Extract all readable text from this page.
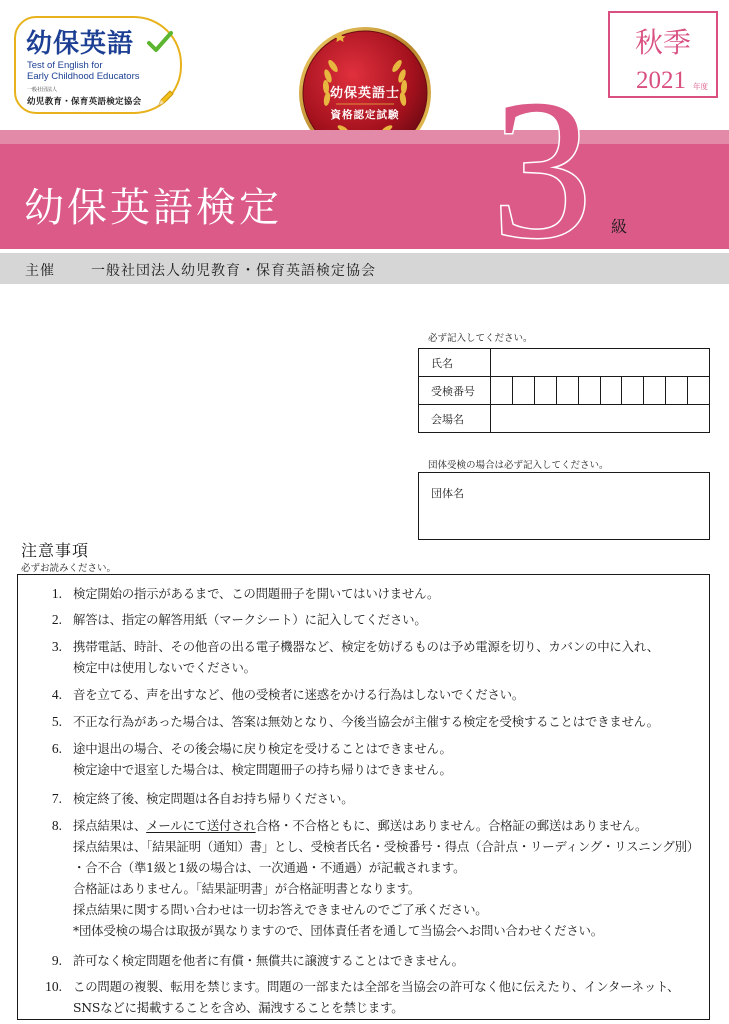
幼保英語
Test of English for
Early Childhood Educators
一般社団法人
幼児教育・保育英語検定協会
幼保英語士
資格認定試験
秋季
2021 年度
幼保英語検定 3 級
主催	一般社団法人幼児教育・保育英語検定協会
必ず記入してください。
氏名	
受検番号	

会場名	
団体受検の場合は必ず記入してください。
団体名
注意事項
必ずお読みください。
1. 検定開始の指示があるまで、この問題冊子を開いてはいけません。
2. 解答は、指定の解答用紙（マークシート）に記入してください。
3. 携帯電話、時計、その他音の出る電子機器など、検定を妨げるものは予め電源を切り、カバンの中に入れ、
検定中は使用しないでください。
4. 音を立てる、声を出すなど、他の受検者に迷惑をかける行為はしないでください。
5. 不正な行為があった場合は、答案は無効となり、今後当協会が主催する検定を受検することはできません。
6. 途中退出の場合、その後会場に戻り検定を受けることはできません。
検定途中で退室した場合は、検定問題冊子の持ち帰りはできません。
7. 検定終了後、検定問題は各自お持ち帰りください。
8. 採点結果は、メールにて送付され合格・不合格ともに、郵送はありません。合格証の郵送はありません。
採点結果は、「結果証明（通知）書」とし、受検者氏名・受検番号・得点（合計点・リーディング・リスニング別）
・合不合（準1級と1級の場合は、一次通過・不通過）が記載されます。
合格証はありません。「結果証明書」が合格証明書となります。
採点結果に関する問い合わせは一切お答えできませんのでご了承ください。
*団体受検の場合は取扱が異なりますので、団体責任者を通して当協会へお問い合わせください。
9. 許可なく検定問題を他者に有償・無償共に譲渡することはできません。
10. この問題の複製、転用を禁じます。問題の一部または全部を当協会の許可なく他に伝えたり、インターネット、
SNSなどに掲載することを含め、漏洩することを禁じます。
